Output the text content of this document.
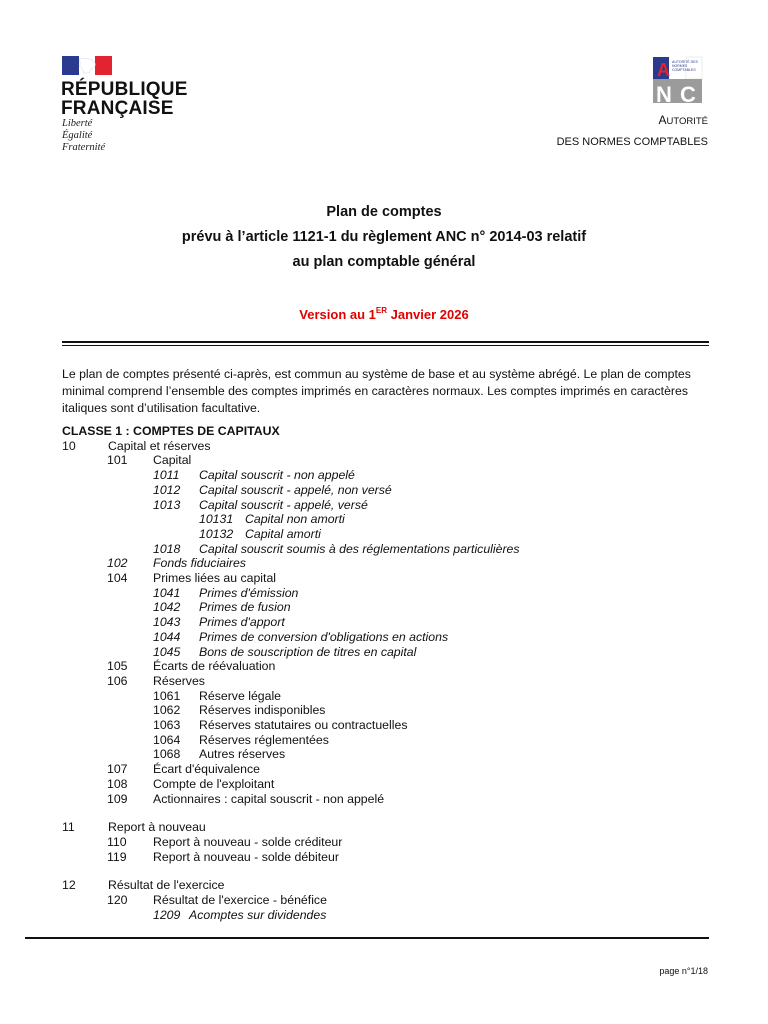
RÉPUBLIQUE
FRANÇAISE
Liberté
Égalité
Fraternité
N C
A AUTORITÉ DES NORMES COMPTABLES
AUTORITÉ
DES NORMES COMPTABLES
Plan de comptes
prévu à l’article 1121-1 du règlement ANC n° 2014-03 relatif
au plan comptable général
Version au 1ER Janvier 2026
Le plan de comptes présenté ci-après, est commun au système de base et au système abrégé. Le plan de comptes minimal comprend l’ensemble des comptes imprimés en caractères normaux. Les comptes imprimés en caractères italiques sont d’utilisation facultative.
CLASSE 1 : COMPTES DE CAPITAUX
10	Capital et réserves
101 Capital
1011 Capital souscrit - non appelé
1012 Capital souscrit - appelé, non versé
1013 Capital souscrit - appelé, versé
10131 Capital non amorti
10132 Capital amorti
1018 Capital souscrit soumis à des réglementations particulières
102 Fonds fiduciaires
104 Primes liées au capital
1041 Primes d'émission
1042 Primes de fusion
1043 Primes d'apport
1044 Primes de conversion d'obligations en actions
1045 Bons de souscription de titres en capital
105 Écarts de réévaluation
106 Réserves
1061 Réserve légale
1062 Réserves indisponibles
1063 Réserves statutaires ou contractuelles
1064 Réserves réglementées
1068 Autres réserves
107 Écart d'équivalence
108 Compte de l'exploitant
109 Actionnaires : capital souscrit - non appelé
11	Report à nouveau
110 Report à nouveau - solde créditeur
119 Report à nouveau - solde débiteur
12	Résultat de l'exercice
120 Résultat de l'exercice - bénéfice
1209 Acomptes sur dividendes
page n°1/18
